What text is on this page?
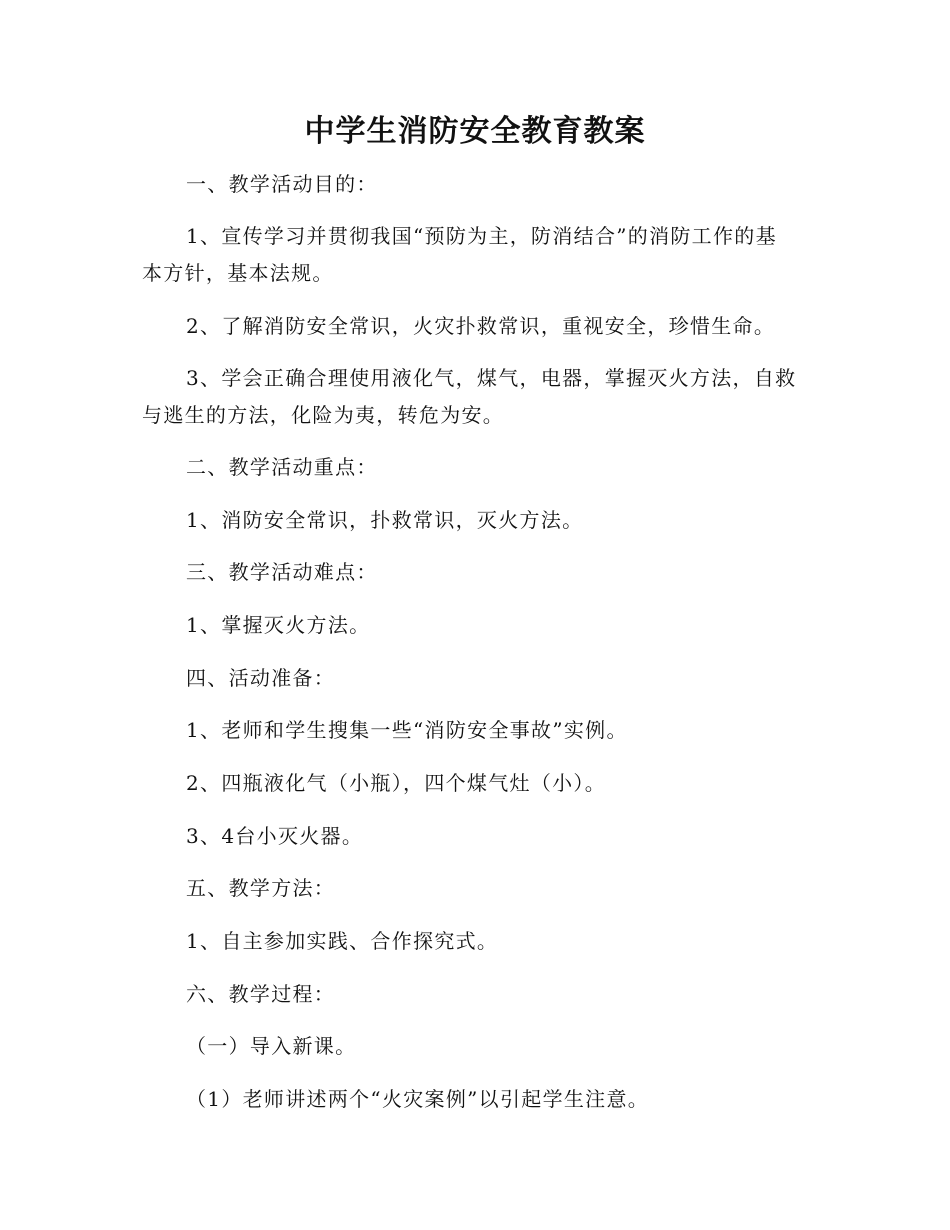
中学生消防安全教育教案

一、教学活动目的：

1、宣传学习并贯彻我国“预防为主，防消结合”的消防工作的基

本方针，基本法规。

2、了解消防安全常识，火灾扑救常识，重视安全，珍惜生命。

3、学会正确合理使用液化气，煤气，电器，掌握灭火方法，自救

与逃生的方法，化险为夷，转危为安。

二、教学活动重点：

1、消防安全常识，扑救常识，灭火方法。

三、教学活动难点：

1、掌握灭火方法。

四、活动准备：

1、老师和学生搜集一些“消防安全事故”实例。

2、四瓶液化气（小瓶），四个煤气灶（小）。

3、4台小灭火器。

五、教学方法：

1、自主参加实践、合作探究式。

六、教学过程：

（一）导入新课。

（1）老师讲述两个“火灾案例”以引起学生注意。
